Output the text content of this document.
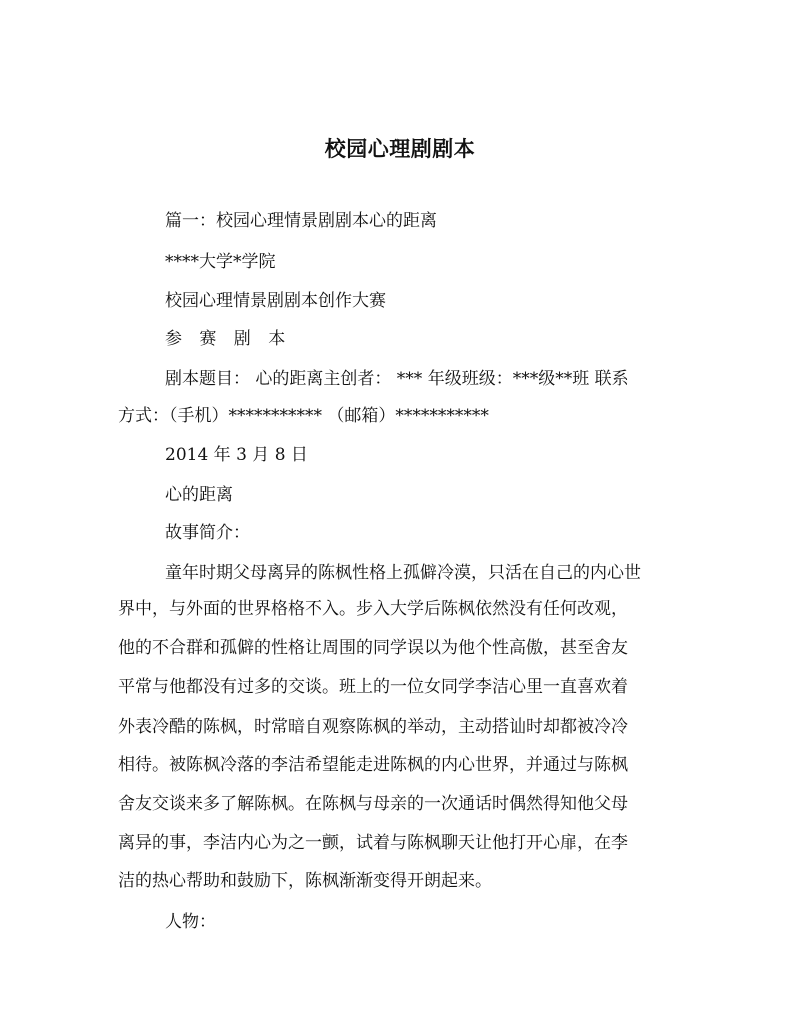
校园心理剧剧本
篇一：校园心理情景剧剧本心的距离
****大学*学院
校园心理情景剧剧本创作大赛
参 赛 剧 本
剧本题目： 心的距离主创者： *** 年级班级：***级**班 联系
方式：（手机）*********** （邮箱）***********
2014 年 3 月 8 日
心的距离
故事简介：
童年时期父母离异的陈枫性格上孤僻冷漠，只活在自己的内心世
界中，与外面的世界格格不入。步入大学后陈枫依然没有任何改观，
他的不合群和孤僻的性格让周围的同学误以为他个性高傲，甚至舍友
平常与他都没有过多的交谈。班上的一位女同学李洁心里一直喜欢着
外表冷酷的陈枫，时常暗自观察陈枫的举动，主动搭讪时却都被冷冷
相待。被陈枫冷落的李洁希望能走进陈枫的内心世界，并通过与陈枫
舍友交谈来多了解陈枫。在陈枫与母亲的一次通话时偶然得知他父母
离异的事，李洁内心为之一颤，试着与陈枫聊天让他打开心扉，在李
洁的热心帮助和鼓励下，陈枫渐渐变得开朗起来。
人物：
